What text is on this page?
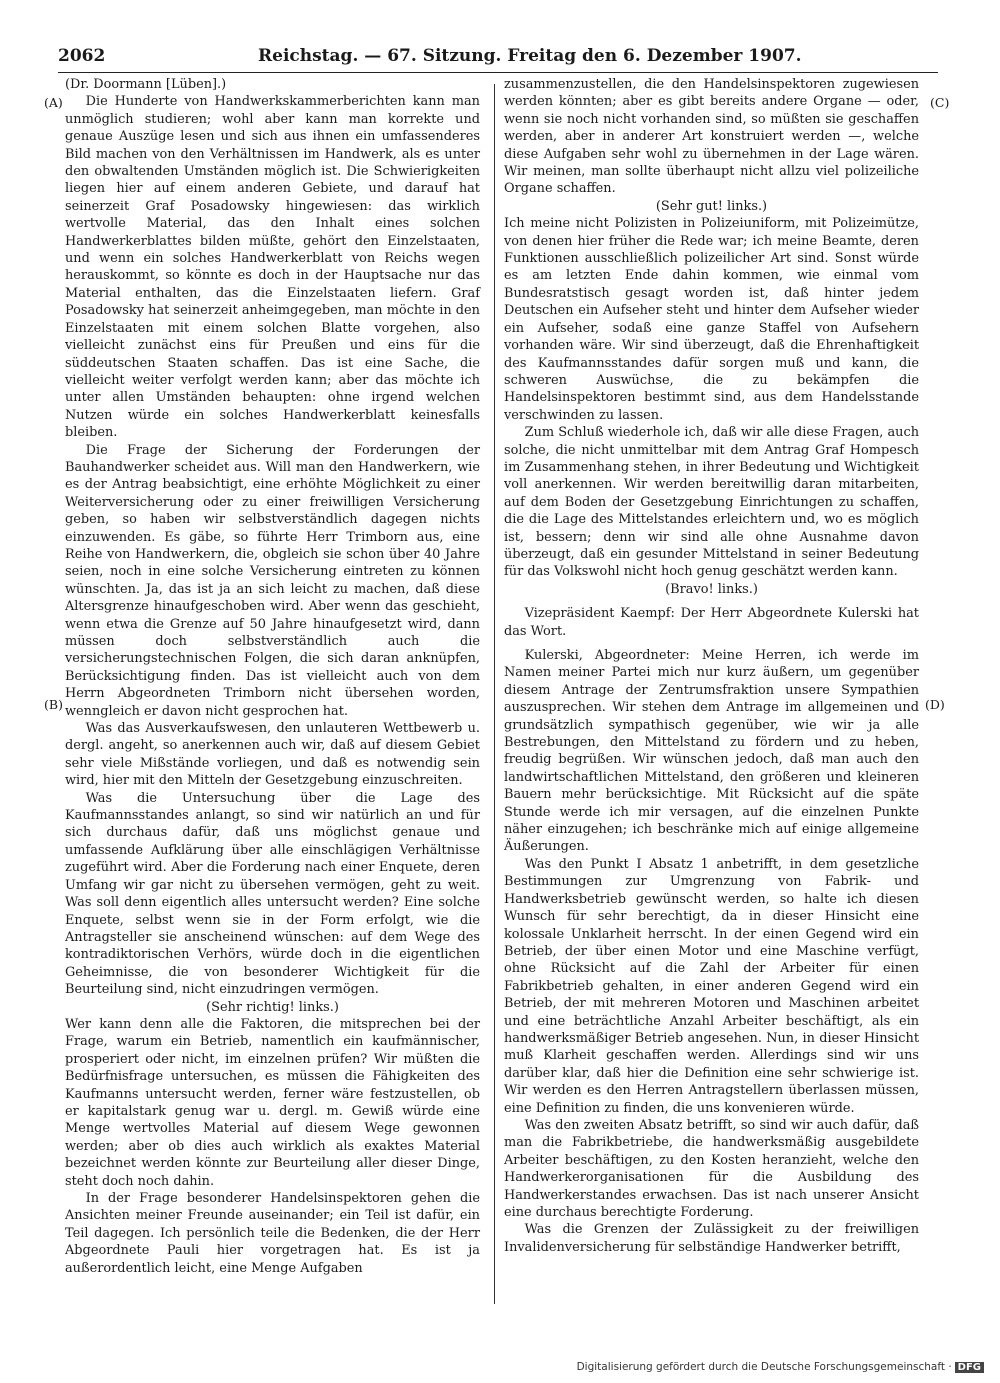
2062	Reichstag. — 67. Sitzung. Freitag den 6. Dezember 1907.

(Dr. Doormann [Lüben].)

Die Hunderte von Handwerkskammerberichten kann man unmöglich studieren; wohl aber kann man korrekte und genaue Auszüge lesen und sich aus ihnen ein umfassenderes Bild machen von den Verhältnissen im Handwerk, als es unter den obwaltenden Umständen möglich ist. Die Schwierigkeiten liegen hier auf einem anderen Gebiete, und darauf hat seinerzeit Graf Posadowsky hingewiesen: das wirklich wertvolle Material, das den Inhalt eines solchen Handwerkerblattes bilden müßte, gehört den Einzelstaaten, und wenn ein solches Handwerkerblatt von Reichs wegen herauskommt, so könnte es doch in der Hauptsache nur das Material enthalten, das die Einzelstaaten liefern. Graf Posadowsky hat seinerzeit anheimgegeben, man möchte in den Einzelstaaten mit einem solchen Blatte vorgehen, also vielleicht zunächst eins für Preußen und eins für die süddeutschen Staaten schaffen. Das ist eine Sache, die vielleicht weiter verfolgt werden kann; aber das möchte ich unter allen Umständen behaupten: ohne irgend welchen Nutzen würde ein solches Handwerkerblatt keinesfalls bleiben.

Die Frage der Sicherung der Forderungen der Bauhandwerker scheidet aus. Will man den Handwerkern, wie es der Antrag beabsichtigt, eine erhöhte Möglichkeit zu einer Weiterversicherung oder zu einer freiwilligen Versicherung geben, so haben wir selbstverständlich dagegen nichts einzuwenden. Es gäbe, so führte Herr Trimborn aus, eine Reihe von Handwerkern, die, obgleich sie schon über 40 Jahre seien, noch in eine solche Versicherung eintreten zu können wünschten. Ja, das ist ja an sich leicht zu machen, daß diese Altersgrenze hinaufgeschoben wird. Aber wenn das geschieht, wenn etwa die Grenze auf 50 Jahre hinaufgesetzt wird, dann müssen doch selbstverständlich auch die versicherungstechnischen Folgen, die sich daran anknüpfen, Berücksichtigung finden. Das ist vielleicht auch von dem Herrn Abgeordneten Trimborn nicht übersehen worden, wenngleich er davon nicht gesprochen hat.

Was das Ausverkaufswesen, den unlauteren Wettbewerb u. dergl. angeht, so anerkennen auch wir, daß auf diesem Gebiet sehr viele Mißstände vorliegen, und daß es notwendig sein wird, hier mit den Mitteln der Gesetzgebung einzuschreiten.

Was die Untersuchung über die Lage des Kaufmannsstandes anlangt, so sind wir natürlich an und für sich durchaus dafür, daß uns möglichst genaue und umfassende Aufklärung über alle einschlägigen Verhältnisse zugeführt wird. Aber die Forderung nach einer Enquete, deren Umfang wir gar nicht zu übersehen vermögen, geht zu weit. Was soll denn eigentlich alles untersucht werden? Eine solche Enquete, selbst wenn sie in der Form erfolgt, wie die Antragsteller sie anscheinend wünschen: auf dem Wege des kontradiktorischen Verhörs, würde doch in die eigentlichen Geheimnisse, die von besonderer Wichtigkeit für die Beurteilung sind, nicht einzudringen vermögen.

(Sehr richtig! links.)

Wer kann denn alle die Faktoren, die mitsprechen bei der Frage, warum ein Betrieb, namentlich ein kaufmännischer, prosperiert oder nicht, im einzelnen prüfen? Wir müßten die Bedürfnisfrage untersuchen, es müssen die Fähigkeiten des Kaufmanns untersucht werden, ferner wäre festzustellen, ob er kapitalstark genug war u. dergl. m. Gewiß würde eine Menge wertvolles Material auf diesem Wege gewonnen werden; aber ob dies auch wirklich als exaktes Material bezeichnet werden könnte zur Beurteilung aller dieser Dinge, steht doch noch dahin.

In der Frage besonderer Handelsinspektoren gehen die Ansichten meiner Freunde auseinander; ein Teil ist dafür, ein Teil dagegen. Ich persönlich teile die Bedenken, die der Herr Abgeordnete Pauli hier vorgetragen hat. Es ist ja außerordentlich leicht, eine Menge Aufgaben

zusammenzustellen, die den Handelsinspektoren zugewiesen werden könnten; aber es gibt bereits andere Organe — oder, wenn sie noch nicht vorhanden sind, so müßten sie geschaffen werden, aber in anderer Art konstruiert werden —, welche diese Aufgaben sehr wohl zu übernehmen in der Lage wären. Wir meinen, man sollte überhaupt nicht allzu viel polizeiliche Organe schaffen.

(Sehr gut! links.)

Ich meine nicht Polizisten in Polizeiuniform, mit Polizeimütze, von denen hier früher die Rede war; ich meine Beamte, deren Funktionen ausschließlich polizeilicher Art sind. Sonst würde es am letzten Ende dahin kommen, wie einmal vom Bundesratstisch gesagt worden ist, daß hinter jedem Deutschen ein Aufseher steht und hinter dem Aufseher wieder ein Aufseher, sodaß eine ganze Staffel von Aufsehern vorhanden wäre. Wir sind überzeugt, daß die Ehrenhaftigkeit des Kaufmannsstandes dafür sorgen muß und kann, die schweren Auswüchse, die zu bekämpfen die Handelsinspektoren bestimmt sind, aus dem Handelsstande verschwinden zu lassen.

Zum Schluß wiederhole ich, daß wir alle diese Fragen, auch solche, die nicht unmittelbar mit dem Antrag Graf Hompesch im Zusammenhang stehen, in ihrer Bedeutung und Wichtigkeit voll anerkennen. Wir werden bereitwillig daran mitarbeiten, auf dem Boden der Gesetzgebung Einrichtungen zu schaffen, die die Lage des Mittelstandes erleichtern und, wo es möglich ist, bessern; denn wir sind alle ohne Ausnahme davon überzeugt, daß ein gesunder Mittelstand in seiner Bedeutung für das Volkswohl nicht hoch genug geschätzt werden kann.

(Bravo! links.)

Vizepräsident Kaempf: Der Herr Abgeordnete Kulerski hat das Wort.

Kulerski, Abgeordneter: Meine Herren, ich werde im Namen meiner Partei mich nur kurz äußern, um gegenüber diesem Antrage der Zentrumsfraktion unsere Sympathien auszusprechen. Wir stehen dem Antrage im allgemeinen und grundsätzlich sympathisch gegenüber, wie wir ja alle Bestrebungen, den Mittelstand zu fördern und zu heben, freudig begrüßen. Wir wünschen jedoch, daß man auch den landwirtschaftlichen Mittelstand, den größeren und kleineren Bauern mehr berücksichtige. Mit Rücksicht auf die späte Stunde werde ich mir versagen, auf die einzelnen Punkte näher einzugehen; ich beschränke mich auf einige allgemeine Äußerungen.

Was den Punkt I Absatz 1 anbetrifft, in dem gesetzliche Bestimmungen zur Umgrenzung von Fabrik- und Handwerksbetrieb gewünscht werden, so halte ich diesen Wunsch für sehr berechtigt, da in dieser Hinsicht eine kolossale Unklarheit herrscht. In der einen Gegend wird ein Betrieb, der über einen Motor und eine Maschine verfügt, ohne Rücksicht auf die Zahl der Arbeiter für einen Fabrikbetrieb gehalten, in einer anderen Gegend wird ein Betrieb, der mit mehreren Motoren und Maschinen arbeitet und eine beträchtliche Anzahl Arbeiter beschäftigt, als ein handwerksmäßiger Betrieb angesehen. Nun, in dieser Hinsicht muß Klarheit geschaffen werden. Allerdings sind wir uns darüber klar, daß hier die Definition eine sehr schwierige ist. Wir werden es den Herren Antragstellern überlassen müssen, eine Definition zu finden, die uns konvenieren würde.

Was den zweiten Absatz betrifft, so sind wir auch dafür, daß man die Fabrikbetriebe, die handwerksmäßig ausgebildete Arbeiter beschäftigen, zu den Kosten heranzieht, welche den Handwerkerorganisationen für die Ausbildung des Handwerkerstandes erwachsen. Das ist nach unserer Ansicht eine durchaus berechtigte Forderung.

Was die Grenzen der Zulässigkeit zu der freiwilligen Invalidenversicherung für selbständige Handwerker betrifft,

(A)
(B)
(C)
(D)
Digitalisierung gefördert durch die Deutsche Forschungsgemeinschaft · DFG
